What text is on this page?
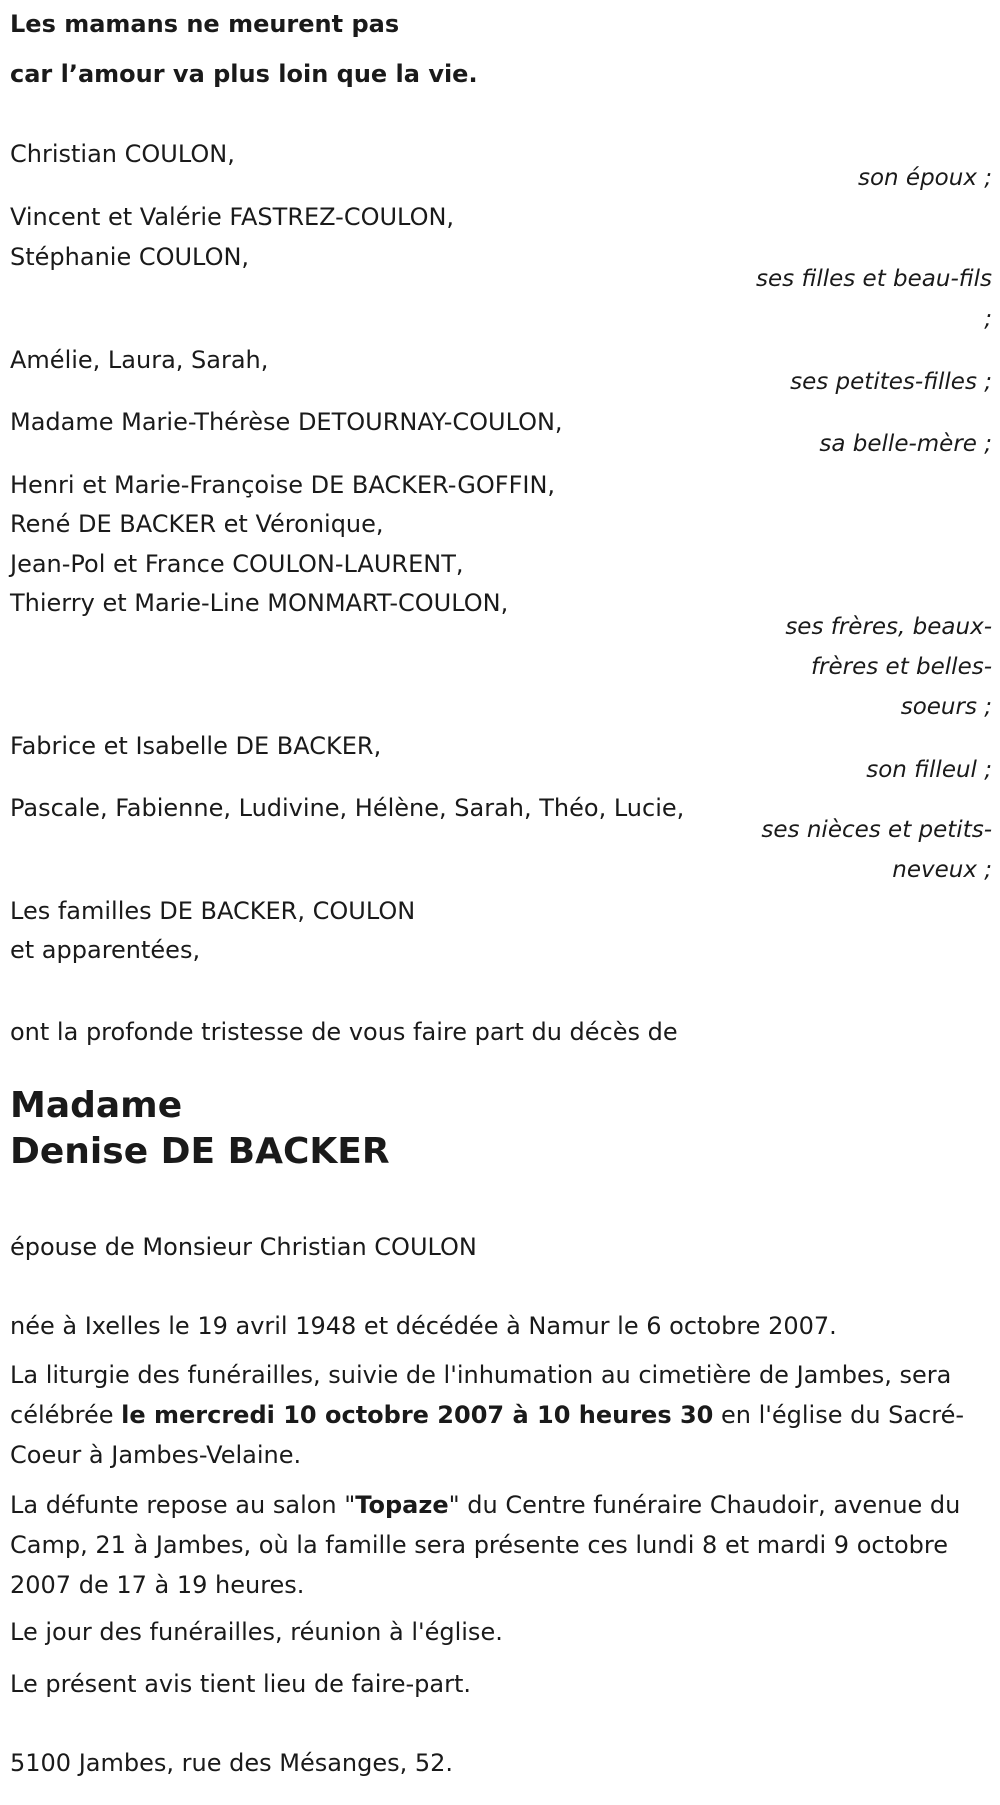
Les mamans ne meurent pas
car l’amour va plus loin que la vie.
Christian COULON,
son époux ;
Vincent et Valérie FASTREZ-COULON,
Stéphanie COULON,
ses filles et beau-fils ;
Amélie, Laura, Sarah,
ses petites-filles ;
Madame Marie-Thérèse DETOURNAY-COULON,
sa belle-mère ;
Henri et Marie-Françoise DE BACKER-GOFFIN,
René DE BACKER et Véronique,
Jean-Pol et France COULON-LAURENT,
Thierry et Marie-Line MONMART-COULON,
ses frères, beaux-frères et belles-soeurs ;
Fabrice et Isabelle DE BACKER,
son filleul ;
Pascale, Fabienne, Ludivine, Hélène, Sarah, Théo, Lucie,
ses nièces et petits-neveux ;
Les familles DE BACKER, COULON
et apparentées,
ont la profonde tristesse de vous faire part du décès de
Madame
Denise DE BACKER
épouse de Monsieur Christian COULON
née à Ixelles le 19 avril 1948 et décédée à Namur le 6 octobre 2007.
La liturgie des funérailles, suivie de l'inhumation au cimetière de Jambes, sera célébrée le mercredi 10 octobre 2007 à 10 heures 30 en l'église du Sacré-Coeur à Jambes-Velaine.
La défunte repose au salon "Topaze" du Centre funéraire Chaudoir, avenue du Camp, 21 à Jambes, où la famille sera présente ces lundi 8 et mardi 9 octobre 2007 de 17 à 19 heures.
Le jour des funérailles, réunion à l'église.
Le présent avis tient lieu de faire-part.
5100 Jambes, rue des Mésanges, 52.
